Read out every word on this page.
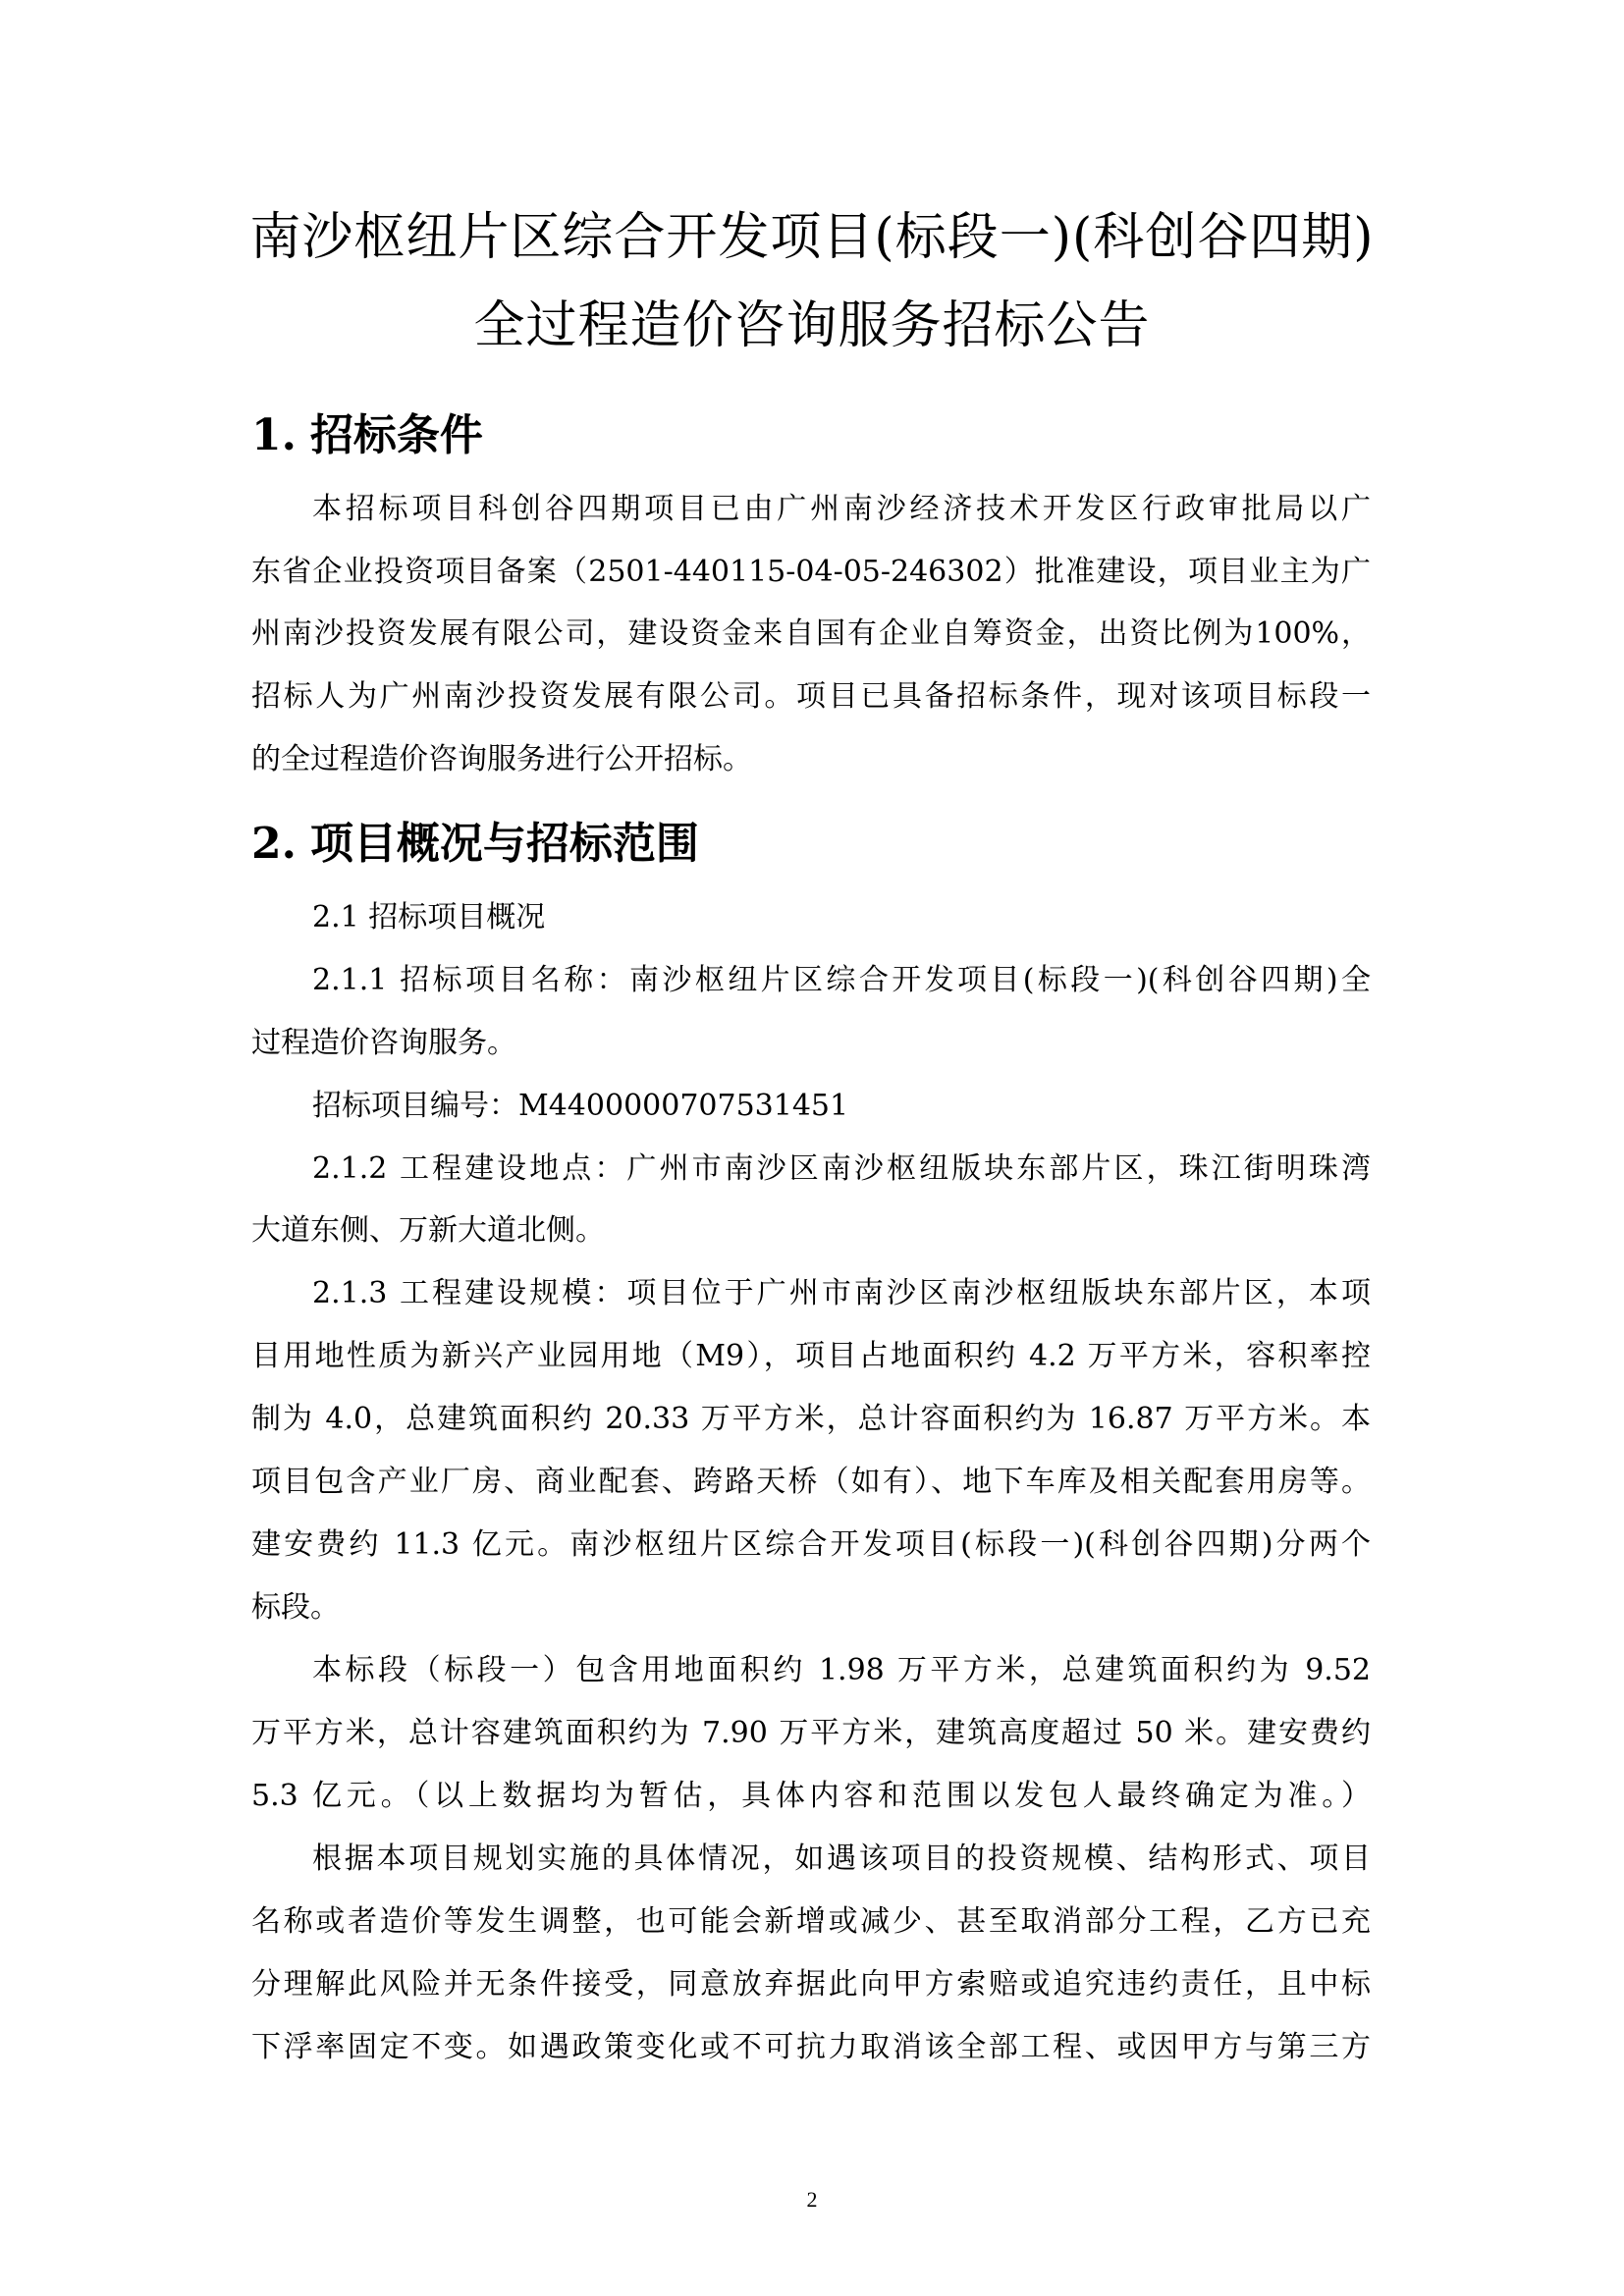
南沙枢纽片区综合开发项目(标段一)(科创谷四期)
全过程造价咨询服务招标公告
1. 招标条件
本招标项目科创谷四期项目已由广州南沙经济技术开发区行政审批局以广
东省企业投资项目备案（2501-440115-04-05-246302）批准建设，项目业主为广
州南沙投资发展有限公司，建设资金来自国有企业自筹资金，出资比例为100%，
招标人为广州南沙投资发展有限公司。项目已具备招标条件，现对该项目标段一
的全过程造价咨询服务进行公开招标。
2. 项目概况与招标范围
2.1 招标项目概况
2.1.1 招标项目名称：南沙枢纽片区综合开发项目(标段一)(科创谷四期)全
过程造价咨询服务。
招标项目编号：M4400000707531451
2.1.2 工程建设地点：广州市南沙区南沙枢纽版块东部片区，珠江街明珠湾
大道东侧、万新大道北侧。
2.1.3 工程建设规模：项目位于广州市南沙区南沙枢纽版块东部片区，本项
目用地性质为新兴产业园用地（M9），项目占地面积约 4.2 万平方米，容积率控
制为 4.0，总建筑面积约 20.33 万平方米，总计容面积约为 16.87 万平方米。本
项目包含产业厂房、商业配套、跨路天桥（如有）、地下车库及相关配套用房等。
建安费约 11.3 亿元。南沙枢纽片区综合开发项目(标段一)(科创谷四期)分两个
标段。
本标段（标段一）包含用地面积约 1.98 万平方米，总建筑面积约为 9.52
万平方米，总计容建筑面积约为 7.90 万平方米，建筑高度超过 50 米。建安费约
5.3 亿元。（以上数据均为暂估，具体内容和范围以发包人最终确定为准。）
根据本项目规划实施的具体情况，如遇该项目的投资规模、结构形式、项目
名称或者造价等发生调整，也可能会新增或减少、甚至取消部分工程，乙方已充
分理解此风险并无条件接受，同意放弃据此向甲方索赔或追究违约责任，且中标
下浮率固定不变。如遇政策变化或不可抗力取消该全部工程、或因甲方与第三方
2
